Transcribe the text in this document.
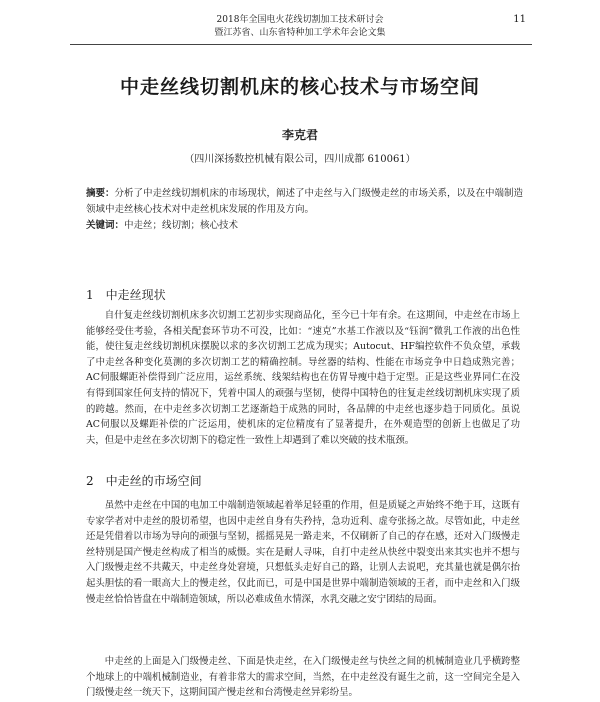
2018年全国电火花线切割加工技术研讨会
暨江苏省、山东省特种加工学术年会论文集
11
中走丝线切割机床的核心技术与市场空间
李克君
（四川深扬数控机械有限公司，四川成都 610061）
摘要：分析了中走丝线切割机床的市场现状，阐述了中走丝与入门级慢走丝的市场关系，以及在中端制造领域中走丝核心技术对中走丝机床发展的作用及方向。
关键词：中走丝；线切割；核心技术
1　中走丝现状
自什复走丝线切割机床多次切割工艺初步实现商品化，至今已十年有余。在这期间，中走丝在市场上能够经受住考验，各相关配套环节功不可没，比如：“速克”水基工作液以及“钰润”微乳工作液的出色性能，使往复走丝线切割机床摆脱以求的多次切割工艺成为现实；Autocut、HF编控软件不负众望，承载了中走丝各种变化莫测的多次切割工艺的精确控制。导丝器的结构、性能在市场竞争中日趋成熟完善；AC伺服螺距补偿得到广泛应用，运丝系统、线架结构也在仿胃导瘦中趋于定型。正是这些业界同仁在没有得到国家任何支持的情况下，凭着中国人的顽强与坚韧，使得中国特色的往复走丝线切割机床实现了质的跨越。然而，在中走丝多次切割工艺逐渐趋于成熟的同时，各品牌的中走丝也逐步趋于同质化。虽说AC伺服以及螺距补偿的广泛运用，使机床的定位精度有了显著提升，在外观造型的创新上也做足了功夫，但是中走丝在多次切割下的稳定性一致性上却遇到了难以突破的技术瓶颈。
2　中走丝的市场空间
虽然中走丝在中国的电加工中端制造领域起着举足轻重的作用，但是质疑之声始终不绝于耳，这既有专家学者对中走丝的殷切希望，也因中走丝自身有失矜持，急功近利、虚夸张扬之故。尽管如此，中走丝还是凭借着以市场为导向的顽强与坚韧，摇摇晃晃一路走来，不仅刷新了自己的存在感，还对入门级慢走丝特别是国产慢走丝构成了相当的威慑。实在是耐人寻味，自打中走丝从快丝中裂变出来其实也并不想与入门级慢走丝不共戴天，中走丝身处窘境，只想低头走好自己的路，让别人去说吧，充其量也就是偶尔抬起头胆怯的看一眼高大上的慢走丝，仅此而已，可是中国是世界中端制造领域的王者，而中走丝和入门级慢走丝恰恰皆盘在中端制造领域，所以必难成鱼水情深，水乳交融之安宁团结的局面。
中走丝的上面是入门级慢走丝、下面是快走丝，在入门级慢走丝与快丝之间的机械制造业几乎横跨整个地球上的中端机械制造业，有着非常大的需求空间，当然，在中走丝没有诞生之前，这一空间完全是入门级慢走丝一统天下，这期间国产慢走丝和台湾慢走丝异彩纷呈。
